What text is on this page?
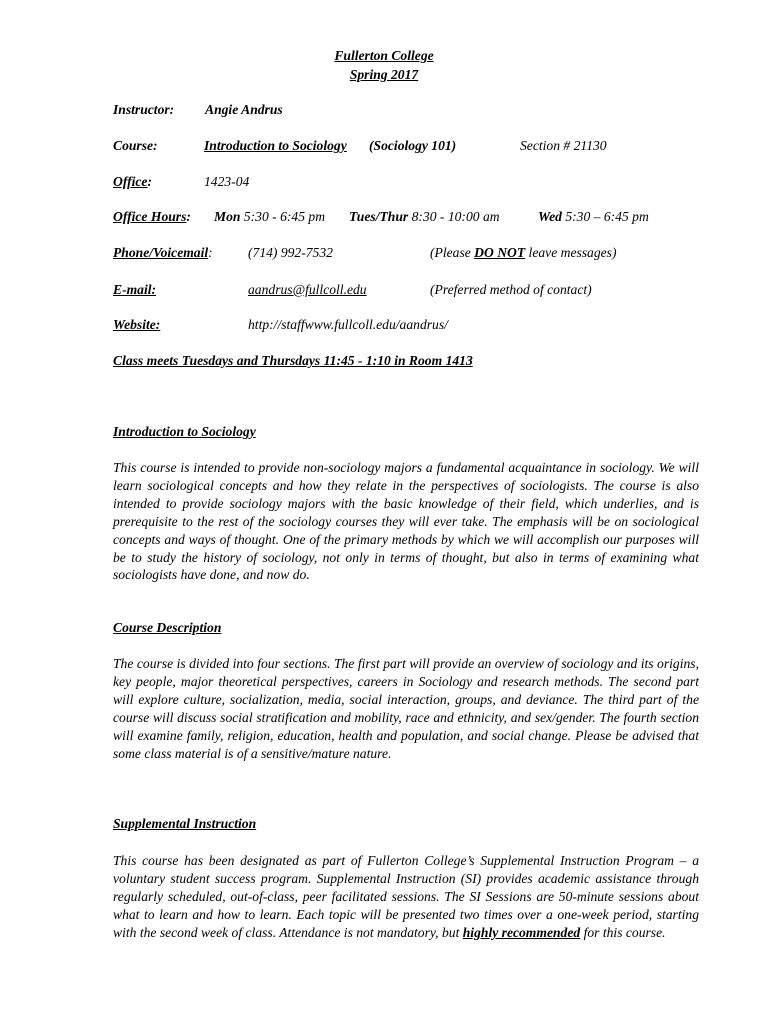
Fullerton College
Spring 2017
Instructor: Angie Andrus
Course:	Introduction to Sociology (Sociology 101)	Section # 21130
Office:	1423-04
Office Hours: Mon 5:30 - 6:45 pm Tues/Thur 8:30 - 10:00 am	Wed 5:30 – 6:45 pm
Phone/Voicemail:	(714) 992-7532	(Please DO NOT leave messages)
E-mail:	aandrus@fullcoll.edu	(Preferred method of contact)
Website:	http://staffwww.fullcoll.edu/aandrus/
Class meets Tuesdays and Thursdays 11:45 - 1:10 in Room 1413
Introduction to Sociology
This course is intended to provide non-sociology majors a fundamental acquaintance in sociology. We will learn sociological concepts and how they relate in the perspectives of sociologists. The course is also intended to provide sociology majors with the basic knowledge of their field, which underlies, and is prerequisite to the rest of the sociology courses they will ever take. The emphasis will be on sociological concepts and ways of thought. One of the primary methods by which we will accomplish our purposes will be to study the history of sociology, not only in terms of thought, but also in terms of examining what sociologists have done, and now do.
Course Description
The course is divided into four sections. The first part will provide an overview of sociology and its origins, key people, major theoretical perspectives, careers in Sociology and research methods. The second part will explore culture, socialization, media, social interaction, groups, and deviance. The third part of the course will discuss social stratification and mobility, race and ethnicity, and sex/gender. The fourth section will examine family, religion, education, health and population, and social change. Please be advised that some class material is of a sensitive/mature nature.
Supplemental Instruction
This course has been designated as part of Fullerton College’s Supplemental Instruction Program – a voluntary student success program. Supplemental Instruction (SI) provides academic assistance through regularly scheduled, out-of-class, peer facilitated sessions. The SI Sessions are 50-minute sessions about what to learn and how to learn. Each topic will be presented two times over a one-week period, starting with the second week of class. Attendance is not mandatory, but highly recommended for this course.
